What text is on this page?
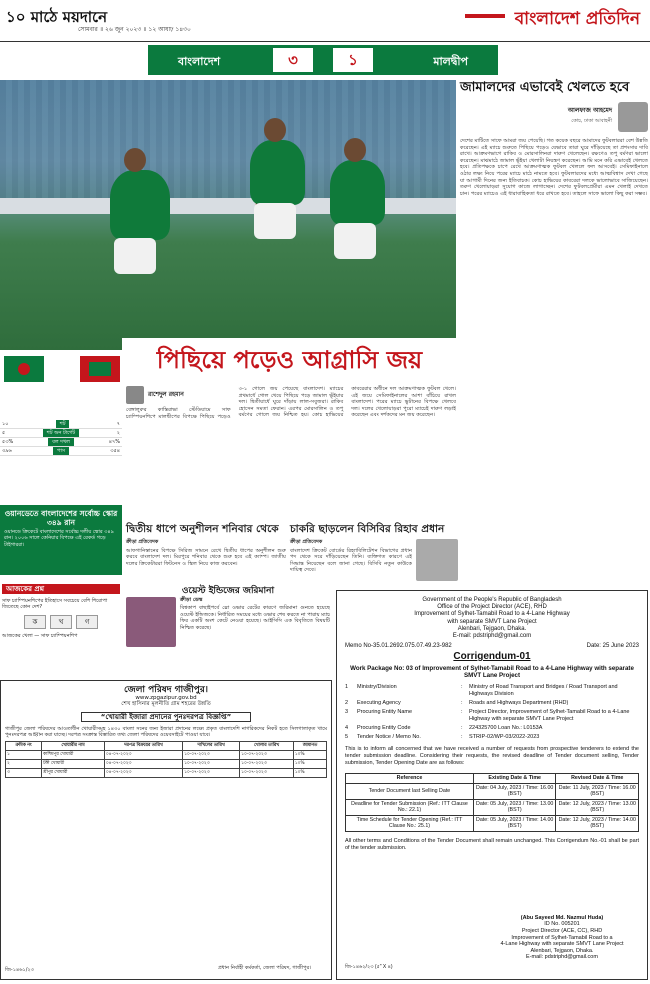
১০ মাঠে ময়দানে
সোমবার ॥ ২৬ জুন ২০২৩ ॥ ১২ আষাঢ় ১৪৩০
বাংলাদেশ প্রতিদিন
বাংলাদেশ	৩	১	মালদ্বীপ
পিছিয়ে পড়েও আগ্রাসি জয়
১০	শট	৭
৫	শট অন টার্গেট	২
৫৩%	বল দখল	৪৭%
৩৯৬	পাস	৩৫৪
ওয়ানডেতে বাংলাদেশের সর্বোচ্চ স্কোর ৩৪৯ রান
ওয়ানডে ক্রিকেটে বাংলাদেশের সর্বোচ্চ দলীয় স্কোর ৩৪৯ রান। ২০০৬ সালে কেনিয়ার বিপক্ষে এই রেকর্ড গড়ে টাইগাররা।
আজকের প্রশ্ন
সাফ চ্যাম্পিয়নশিপের ইতিহাসে সবচেয়ে বেশি শিরোপা জিতেছে কোন দেশ?
ক	খ	গ
আজকের খেলা — সাফ চ্যাম্পিয়নশিপ
জামালদের এভাবেই খেলতে হবে
আলফাজ আহমেদ
কোচ, ঢাকা আবাহনী
দেশের মাটিতে সাফে আমরা জয় পেয়েছি। গত কয়েক বছরে আমাদের ফুটবলাররা বেশ উন্নতি করেছেন। এই ম্যাচে শুরুতে পিছিয়ে পড়েও যেভাবে তারা ঘুরে দাঁড়িয়েছে তা প্রশংসার দাবি রাখে। আক্রমণভাগে রাকিব ও মোরসালিনরা দারুণ খেলেছেন। রক্ষণেও তপু বর্মণরা ভালো করেছেন। মাঝমাঠে জামাল ভূঁইয়া খেলাটা নিয়ন্ত্রণ করেছেন। আমি মনে করি এভাবেই খেলতে হবে। প্রতিপক্ষকে চাপে রেখে আক্রমণাত্মক ফুটবল খেললে ফল আসবেই। সেমিফাইনালে ওঠার লক্ষ্য নিয়ে পরের ম্যাচে মাঠে নামতে হবে। ফুটবলারদের মধ্যে আত্মবিশ্বাস দেখা গেছে যা আগামী দিনের জন্য ইতিবাচক। কোচ হাভিয়ের কাবরেরা দলকে ভালোভাবে সাজিয়েছেন। তরুণ খেলোয়াড়রা সুযোগ কাজে লাগাচ্ছেন। দেশের ফুটবলপ্রেমীরা এমন খেলাই দেখতে চান। পরের ম্যাচেও এই ধারাবাহিকতা ধরে রাখতে হবে। তাহলে সাফে ভালো কিছু করা সম্ভব।
রাশেদুল রহমান
বেঙ্গালুরুর কান্তিরাভা স্টেডিয়ামে সাফ চ্যাম্পিয়নশিপে মালদ্বীপের বিপক্ষে পিছিয়ে পড়েও ৩-১ গোলে জয় পেয়েছে বাংলাদেশ। ম্যাচের প্রথমার্ধে গোল খেয়ে পিছিয়ে পড়ে জামাল ভূঁইয়ার দল। দ্বিতীয়ার্ধে ঘুরে দাঁড়ায় লাল-সবুজরা। রাকিব হোসেন সমতা ফেরান। এরপর মোরসালিন ও তপু বর্মণের গোলে জয় নিশ্চিত হয়। কোচ হাভিয়ের কাবরেরার অধীনে দল আক্রমণাত্মক ফুটবল খেলে। এই জয়ে সেমিফাইনালের আশা বাঁচিয়ে রাখল বাংলাদেশ। পরের ম্যাচে ভুটানের বিপক্ষে খেলবে দল। দলের খেলোয়াড়রা পুরো ম্যাচেই দারুণ লড়াই করেছেন এবং দর্শকদের মন জয় করেছেন।
দ্বিতীয় ধাপে অনুশীলন শনিবার থেকে
ক্রীড়া প্রতিবেদক
আফগানিস্তানের বিপক্ষে সিরিজ সামনে রেখে দ্বিতীয় ধাপের অনুশীলন শুরু করবে বাংলাদেশ দল। মিরপুরে শনিবার থেকে শুরু হবে এই ক্যাম্প। জাতীয় দলের ক্রিকেটাররা ফিটনেস ও স্কিল নিয়ে কাজ করবেন।
চাকরি ছাড়লেন বিসিবির রিহাব প্রধান
ক্রীড়া প্রতিবেদক
বাংলাদেশ ক্রিকেট বোর্ডের রিহ্যাবিলিটেশন বিভাগের প্রধান পদ থেকে সরে দাঁড়িয়েছেন তিনি। ব্যক্তিগত কারণে এই সিদ্ধান্ত নিয়েছেন বলে জানা গেছে। বিসিবি নতুন কাউকে দায়িত্ব দেবে।
ওয়েস্ট ইন্ডিজের জরিমানা
ক্রীড়া ডেস্ক
বিশ্বকাপ বাছাইপর্বে স্লো ওভার রেটের কারণে জরিমানা গুনতে হয়েছে ওয়েস্ট ইন্ডিজকে। নির্ধারিত সময়ের মধ্যে ওভার শেষ করতে না পারায় ম্যাচ ফির একটি অংশ কেটে নেওয়া হয়েছে। আইসিসি এক বিবৃতিতে বিষয়টি নিশ্চিত করেছে।
জেলা পরিষদ গাজীপুর।
www.zpgazipur.gov.bd
শেখ হাসিনার মূলনীতি গ্রাম শহরের উন্নতি
“খোয়ারী ইজারা প্রদানের পুনঃদরপত্র বিজ্ঞপ্তি”
গাজীপুর জেলা পরিষদের আওতাধীন খোয়ারীসমূহ ১৪৩০ বাংলা সনের জন্য ইজারা প্রদানের লক্ষ্যে প্রকৃত বাংলাদেশি নাগরিকদের নিকট হতে সিলগালাকৃত খামে পুনঃদরপত্র আহ্বান করা যাচ্ছে। দরপত্র সংক্রান্ত বিস্তারিত তথ্য জেলা পরিষদের ওয়েবসাইটে পাওয়া যাবে।
ক্রমিক নং	খোয়ারীর নাম	দরপত্র বিক্রয়ের তারিখ	দাখিলের তারিখ	খোলার তারিখ	জামানত
১	কাশিমপুর খোয়ারী	০৪-০৭-২০২৩	১০-০৭-২০২৩	১০-০৭-২০২৩	১০%
২	টঙ্গী খোয়ারী	০৪-০৭-২০২৩	১০-০৭-২০২৩	১০-০৭-২০২৩	১০%
৩	শ্রীপুর খোয়ারী	০৪-০৭-২০২৩	১০-০৭-২০২৩	১০-০৭-২০২৩	১০%
প্রধান নির্বাহী কর্মকর্তা, জেলা পরিষদ, গাজীপুর।
জি-১৪৬১/২৩
Government of the People's Republic of Bangladesh
Office of the Project Director (ACE), RHD
Improvement of Sylhet-Tamabil Road to a 4-Lane Highway
with separate SMVT Lane Project
Alenbari, Tejgaon, Dhaka.
E-mail: pdstriphd@gmail.com
Memo No-35.01.2692.075.07.49.23-982	Date: 25 June 2023
Corrigendum-01
Work Package No: 03 of Improvement of Sylhet-Tamabil Road to a 4-Lane Highway with separate SMVT Lane Project
1	Ministry/Division	:	Ministry of Road Transport and Bridges / Road Transport and Highways Division
2	Executing Agency	:	Roads and Highways Department (RHD)
3	Procuring Entity Name	:	Project Director, Improvement of Sylhet-Tamabil Road to a 4-Lane Highway with separate SMVT Lane Project
4	Procuring Entity Code	:	224325700 Loan No.: L0153A
5	Tender Notice / Memo No.	:	STRIP-02/WP-03/2022-2023
This is to inform all concerned that we have received a number of requests from prospective tenderers to extend the tender submission deadline. Considering their requests, the revised deadline of Tender document selling, Tender submission, Tender Opening Date are as follows:
Reference	Existing Date & Time	Revised Date & Time
Tender Document last Selling Date	Date: 04 July, 2023 / Time: 16.00 (BST)	Date: 11 July, 2023 / Time: 16.00 (BST)
Deadline for Tender Submission (Ref.: ITT Clause No.: 22.1)	Date: 05 July, 2023 / Time: 13.00 (BST)	Date: 12 July, 2023 / Time: 13.00 (BST)
Time Schedule for Tender Opening (Ref.: ITT Clause No.: 25.1)	Date: 05 July, 2023 / Time: 14.00 (BST)	Date: 12 July, 2023 / Time: 14.00 (BST)
All other terms and Conditions of the Tender Document shall remain unchanged. This Corrigendum No.-01 shall be part of the tender submission.
(Abu Sayeed Md. Nazmul Huda)
ID No. 005201
Project Director (ACE, CC), RHD
Improvement of Sylhet-Tamabil Road to a
4-Lane Highway with separate SMVT Lane Project
Alenbari, Tejgaon, Dhaka.
E-mail: pdstriphd@gmail.com
জি-১৪৬২/২৩ (৫" X ৪)
